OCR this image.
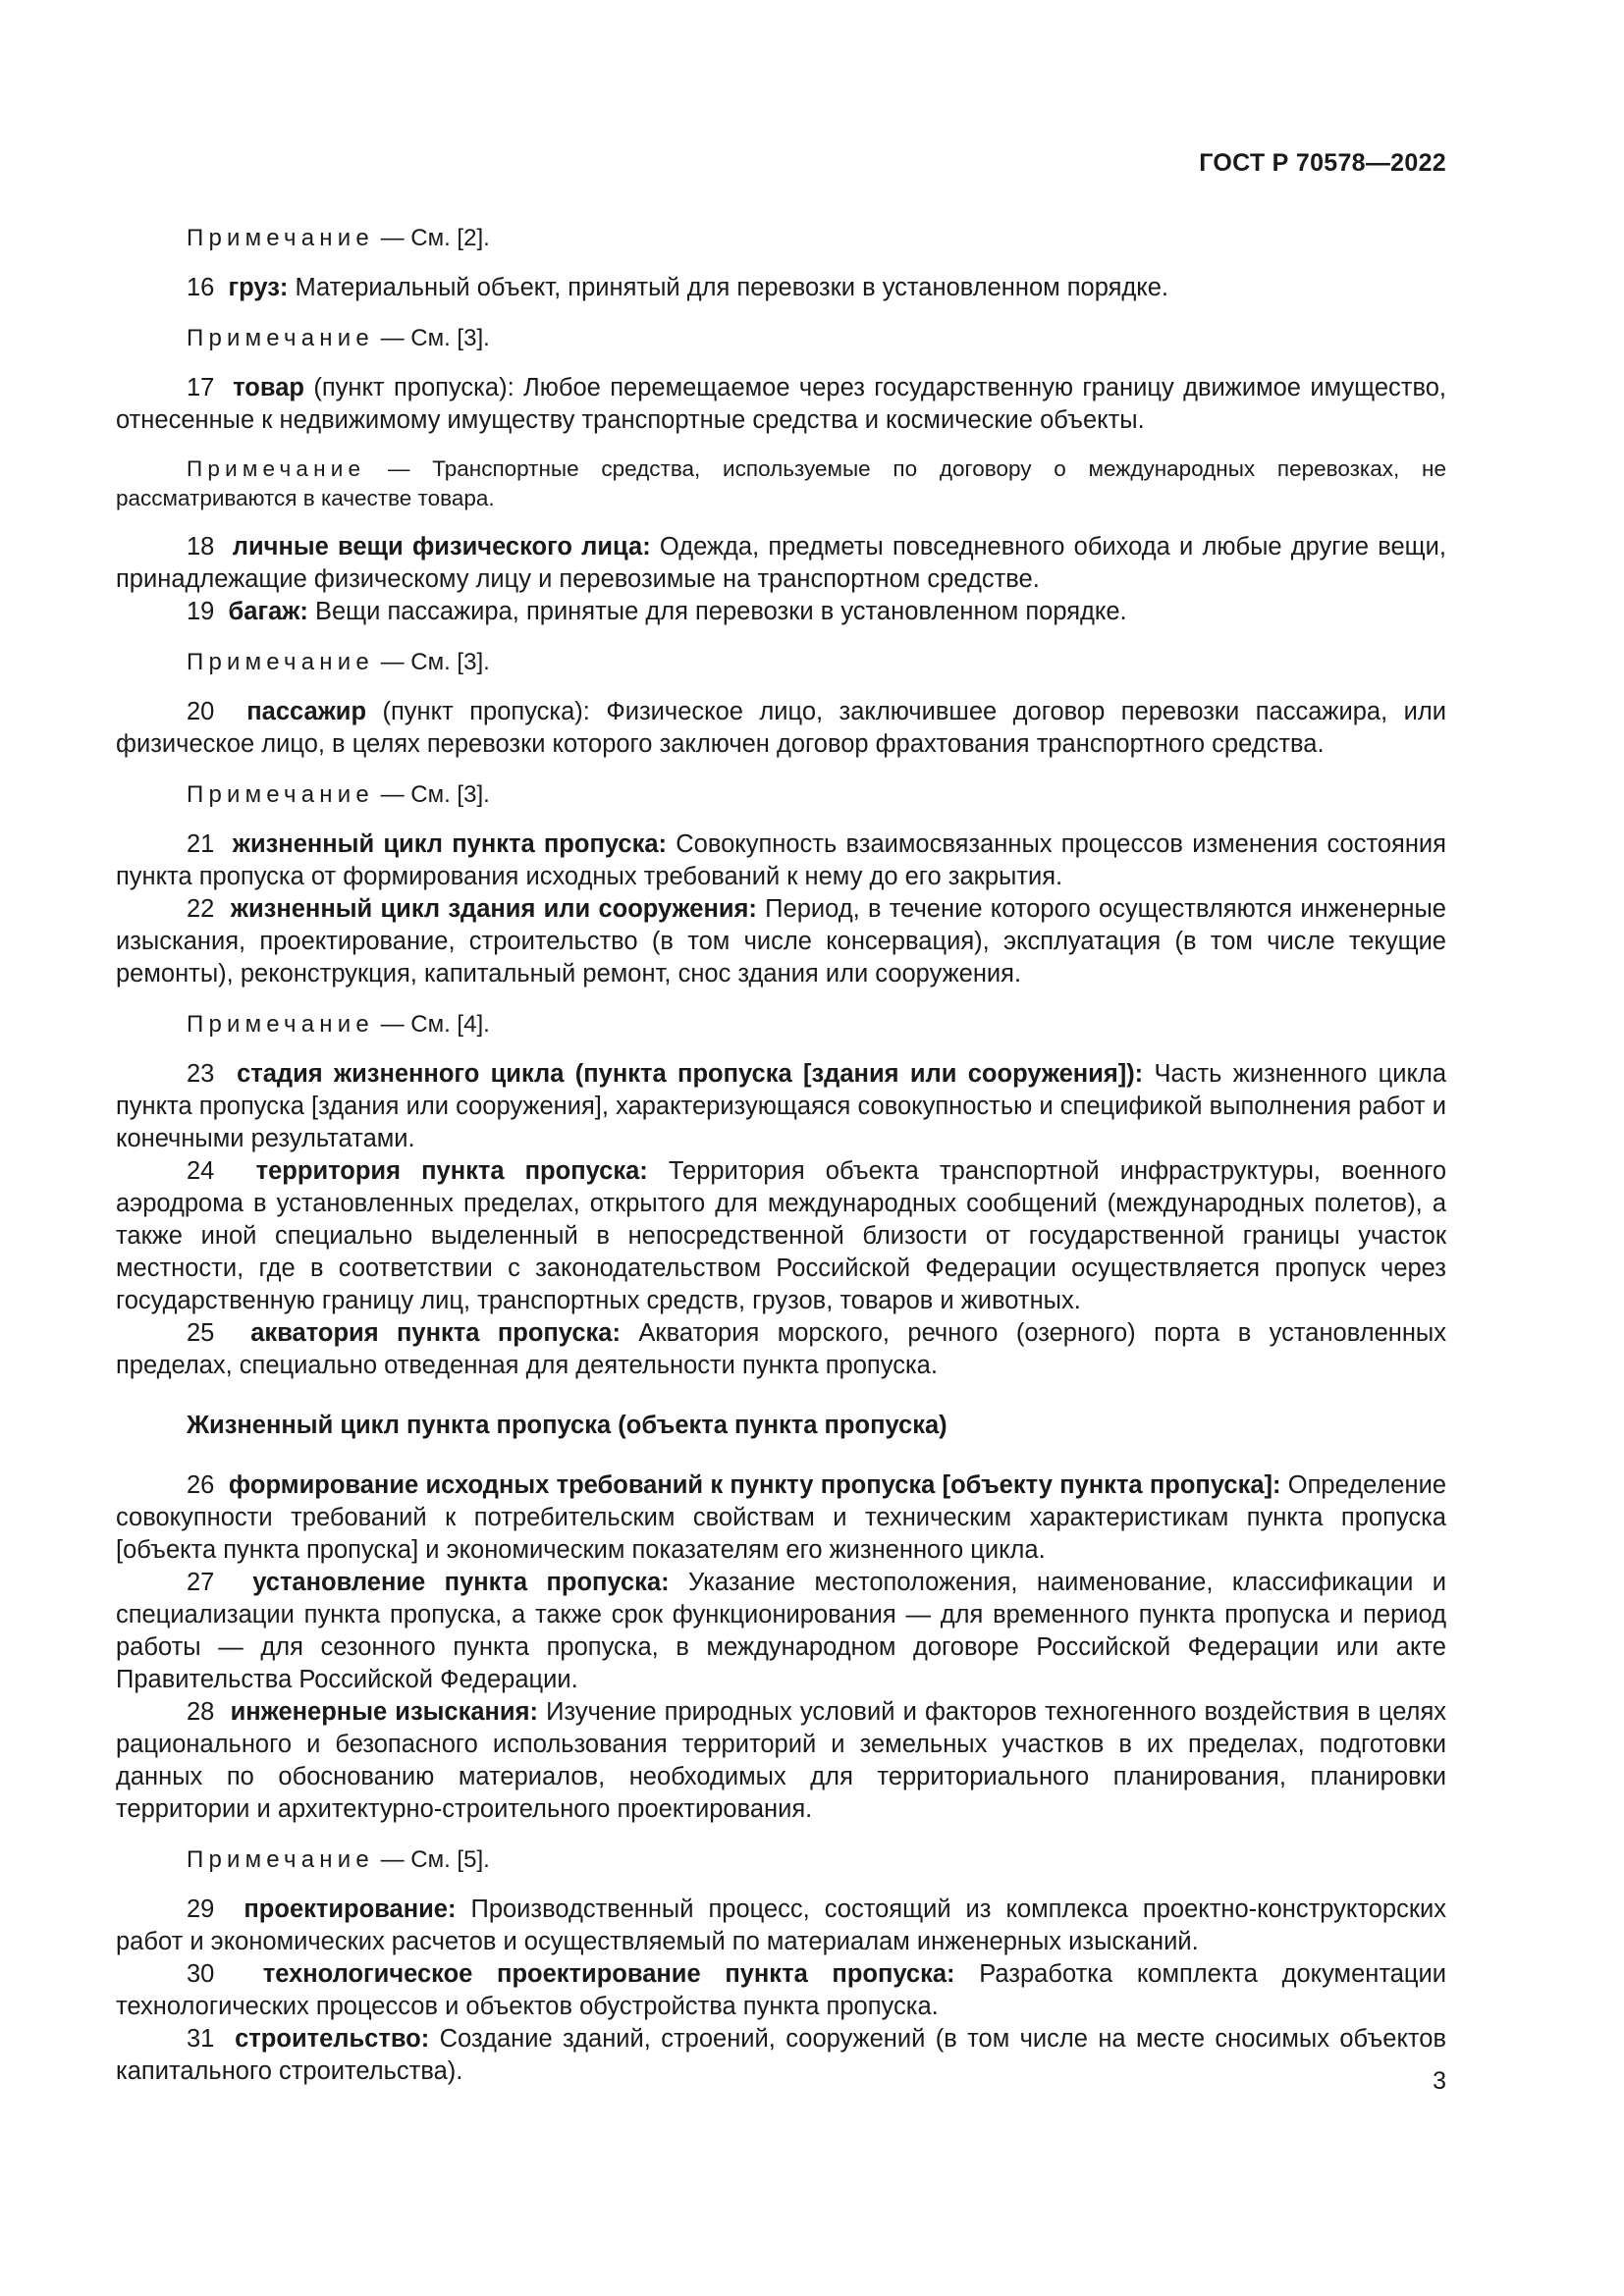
ГОСТ Р 70578—2022

Примечание — См. [2].

16 груз: Материальный объект, принятый для перевозки в установленном порядке.

Примечание — См. [3].

17 товар (пункт пропуска): Любое перемещаемое через государственную границу движимое имущество, отнесенные к недвижимому имуществу транспортные средства и космические объекты.

Примечание — Транспортные средства, используемые по договору о международных перевозках, не рассматриваются в качестве товара.

18 личные вещи физического лица: Одежда, предметы повседневного обихода и любые другие вещи, принадлежащие физическому лицу и перевозимые на транспортном средстве.

19 багаж: Вещи пассажира, принятые для перевозки в установленном порядке.

Примечание — См. [3].

20 пассажир (пункт пропуска): Физическое лицо, заключившее договор перевозки пассажира, или физическое лицо, в целях перевозки которого заключен договор фрахтования транспортного средства.

Примечание — См. [3].

21 жизненный цикл пункта пропуска: Совокупность взаимосвязанных процессов изменения состояния пункта пропуска от формирования исходных требований к нему до его закрытия.

22 жизненный цикл здания или сооружения: Период, в течение которого осуществляются инженерные изыскания, проектирование, строительство (в том числе консервация), эксплуатация (в том числе текущие ремонты), реконструкция, капитальный ремонт, снос здания или сооружения.

Примечание — См. [4].

23 стадия жизненного цикла (пункта пропуска [здания или сооружения]): Часть жизненного цикла пункта пропуска [здания или сооружения], характеризующаяся совокупностью и спецификой выполнения работ и конечными результатами.

24 территория пункта пропуска: Территория объекта транспортной инфраструктуры, военного аэродрома в установленных пределах, открытого для международных сообщений (международных полетов), а также иной специально выделенный в непосредственной близости от государственной границы участок местности, где в соответствии с законодательством Российской Федерации осуществляется пропуск через государственную границу лиц, транспортных средств, грузов, товаров и животных.

25 акватория пункта пропуска: Акватория морского, речного (озерного) порта в установленных пределах, специально отведенная для деятельности пункта пропуска.

Жизненный цикл пункта пропуска (объекта пункта пропуска)

26 формирование исходных требований к пункту пропуска [объекту пункта пропуска]: Определение совокупности требований к потребительским свойствам и техническим характеристикам пункта пропуска [объекта пункта пропуска] и экономическим показателям его жизненного цикла.

27 установление пункта пропуска: Указание местоположения, наименование, классификации и специализации пункта пропуска, а также срок функционирования — для временного пункта пропуска и период работы — для сезонного пункта пропуска, в международном договоре Российской Федерации или акте Правительства Российской Федерации.

28 инженерные изыскания: Изучение природных условий и факторов техногенного воздействия в целях рационального и безопасного использования территорий и земельных участков в их пределах, подготовки данных по обоснованию материалов, необходимых для территориального планирования, планировки территории и архитектурно-строительного проектирования.

Примечание — См. [5].

29 проектирование: Производственный процесс, состоящий из комплекса проектно-конструкторских работ и экономических расчетов и осуществляемый по материалам инженерных изысканий.

30 технологическое проектирование пункта пропуска: Разработка комплекта документации технологических процессов и объектов обустройства пункта пропуска.

31 строительство: Создание зданий, строений, сооружений (в том числе на месте сносимых объектов капитального строительства).	3
